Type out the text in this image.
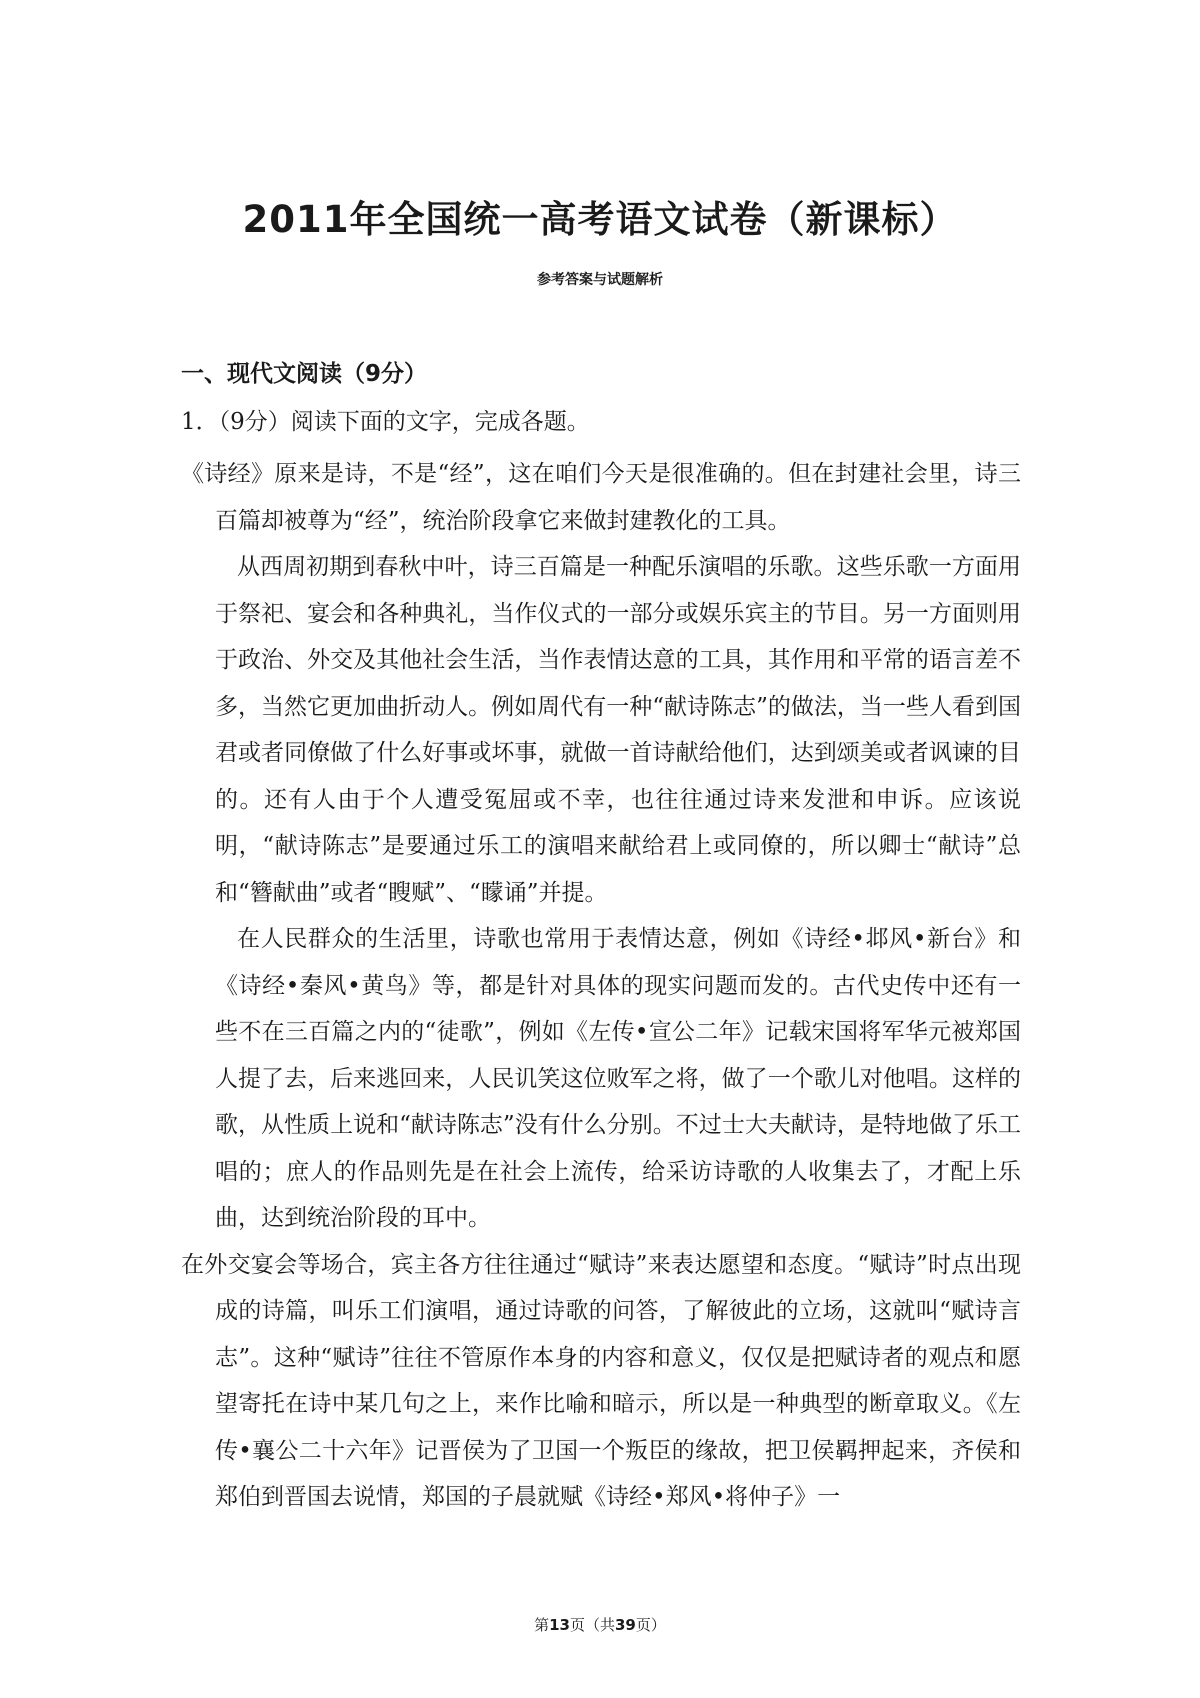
2011年全国统一高考语文试卷（新课标）
参考答案与试题解析
一、现代文阅读（9分）
1．（9分）阅读下面的文字，完成各题。

《诗经》原来是诗，不是“经”，这在咱们今天是很准确的。但在封建社会里，诗三百篇却被尊为“经”，统治阶段拿它来做封建教化的工具。

从西周初期到春秋中叶，诗三百篇是一种配乐演唱的乐歌。这些乐歌一方面用于祭祀、宴会和各种典礼，当作仪式的一部分或娱乐宾主的节目。另一方面则用于政治、外交及其他社会生活，当作表情达意的工具，其作用和平常的语言差不多，当然它更加曲折动人。例如周代有一种“献诗陈志”的做法，当一些人看到国君或者同僚做了什么好事或坏事，就做一首诗献给他们，达到颂美或者讽谏的目的。还有人由于个人遭受冤屈或不幸，也往往通过诗来发泄和申诉。应该说明，“献诗陈志”是要通过乐工的演唱来献给君上或同僚的，所以卿士“献诗”总和“簪献曲”或者“瞍赋”、“矇诵”并提。

在人民群众的生活里，诗歌也常用于表情达意，例如《诗经•邶风•新台》和《诗经•秦风•黄鸟》等，都是针对具体的现实问题而发的。古代史传中还有一些不在三百篇之内的“徒歌”，例如《左传•宣公二年》记载宋国将军华元被郑国人提了去，后来逃回来，人民讥笑这位败军之将，做了一个歌儿对他唱。这样的歌，从性质上说和“献诗陈志”没有什么分别。不过士大夫献诗，是特地做了乐工唱的；庶人的作品则先是在社会上流传，给采访诗歌的人收集去了，才配上乐曲，达到统治阶段的耳中。

在外交宴会等场合，宾主各方往往通过“赋诗”来表达愿望和态度。“赋诗”时点出现成的诗篇，叫乐工们演唱，通过诗歌的问答，了解彼此的立场，这就叫“赋诗言志”。这种“赋诗”往往不管原作本身的内容和意义，仅仅是把赋诗者的观点和愿望寄托在诗中某几句之上，来作比喻和暗示，所以是一种典型的断章取义。《左传•襄公二十六年》记晋侯为了卫国一个叛臣的缘故，把卫侯羁押起来，齐侯和郑伯到晋国去说情，郑国的子晨就赋《诗经•郑风•将仲子》一

第13页（共39页）
